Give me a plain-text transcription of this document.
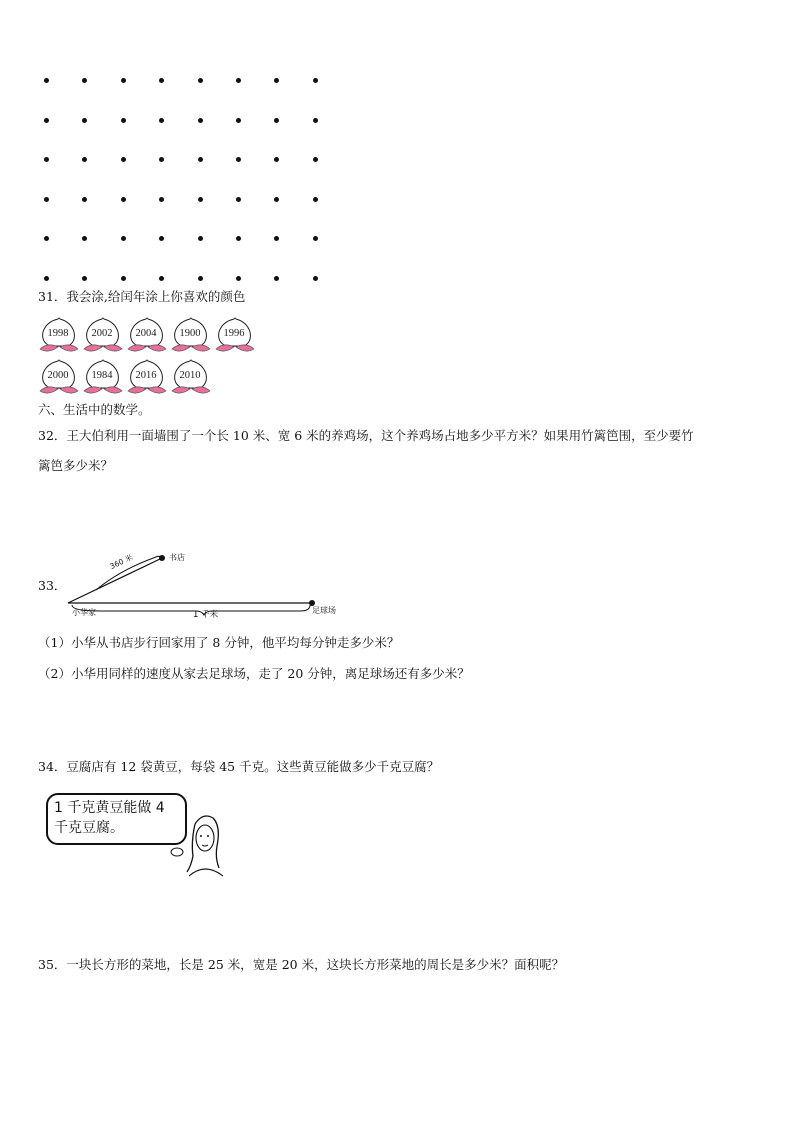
31．我会涂,给闰年涂上你喜欢的颜色
1998	2002	2004	1900	1996
2000	1984	2016	2010
六、生活中的数学。
32．王大伯利用一面墙围了一个长 10 米、宽 6 米的养鸡场，这个养鸡场占地多少平方米？如果用竹篱笆围，至少要竹
篱笆多少米？
33．
书店
小华家	足球场
360 米
1 千米
（1）小华从书店步行回家用了 8 分钟，他平均每分钟走多少米？
（2）小华用同样的速度从家去足球场，走了 20 分钟，离足球场还有多少米？
34．豆腐店有 12 袋黄豆，每袋 45 千克。这些黄豆能做多少千克豆腐？
1 千克黄豆能做 4
千克豆腐。
35．一块长方形的菜地，长是 25 米，宽是 20 米，这块长方形菜地的周长是多少米？面积呢？
